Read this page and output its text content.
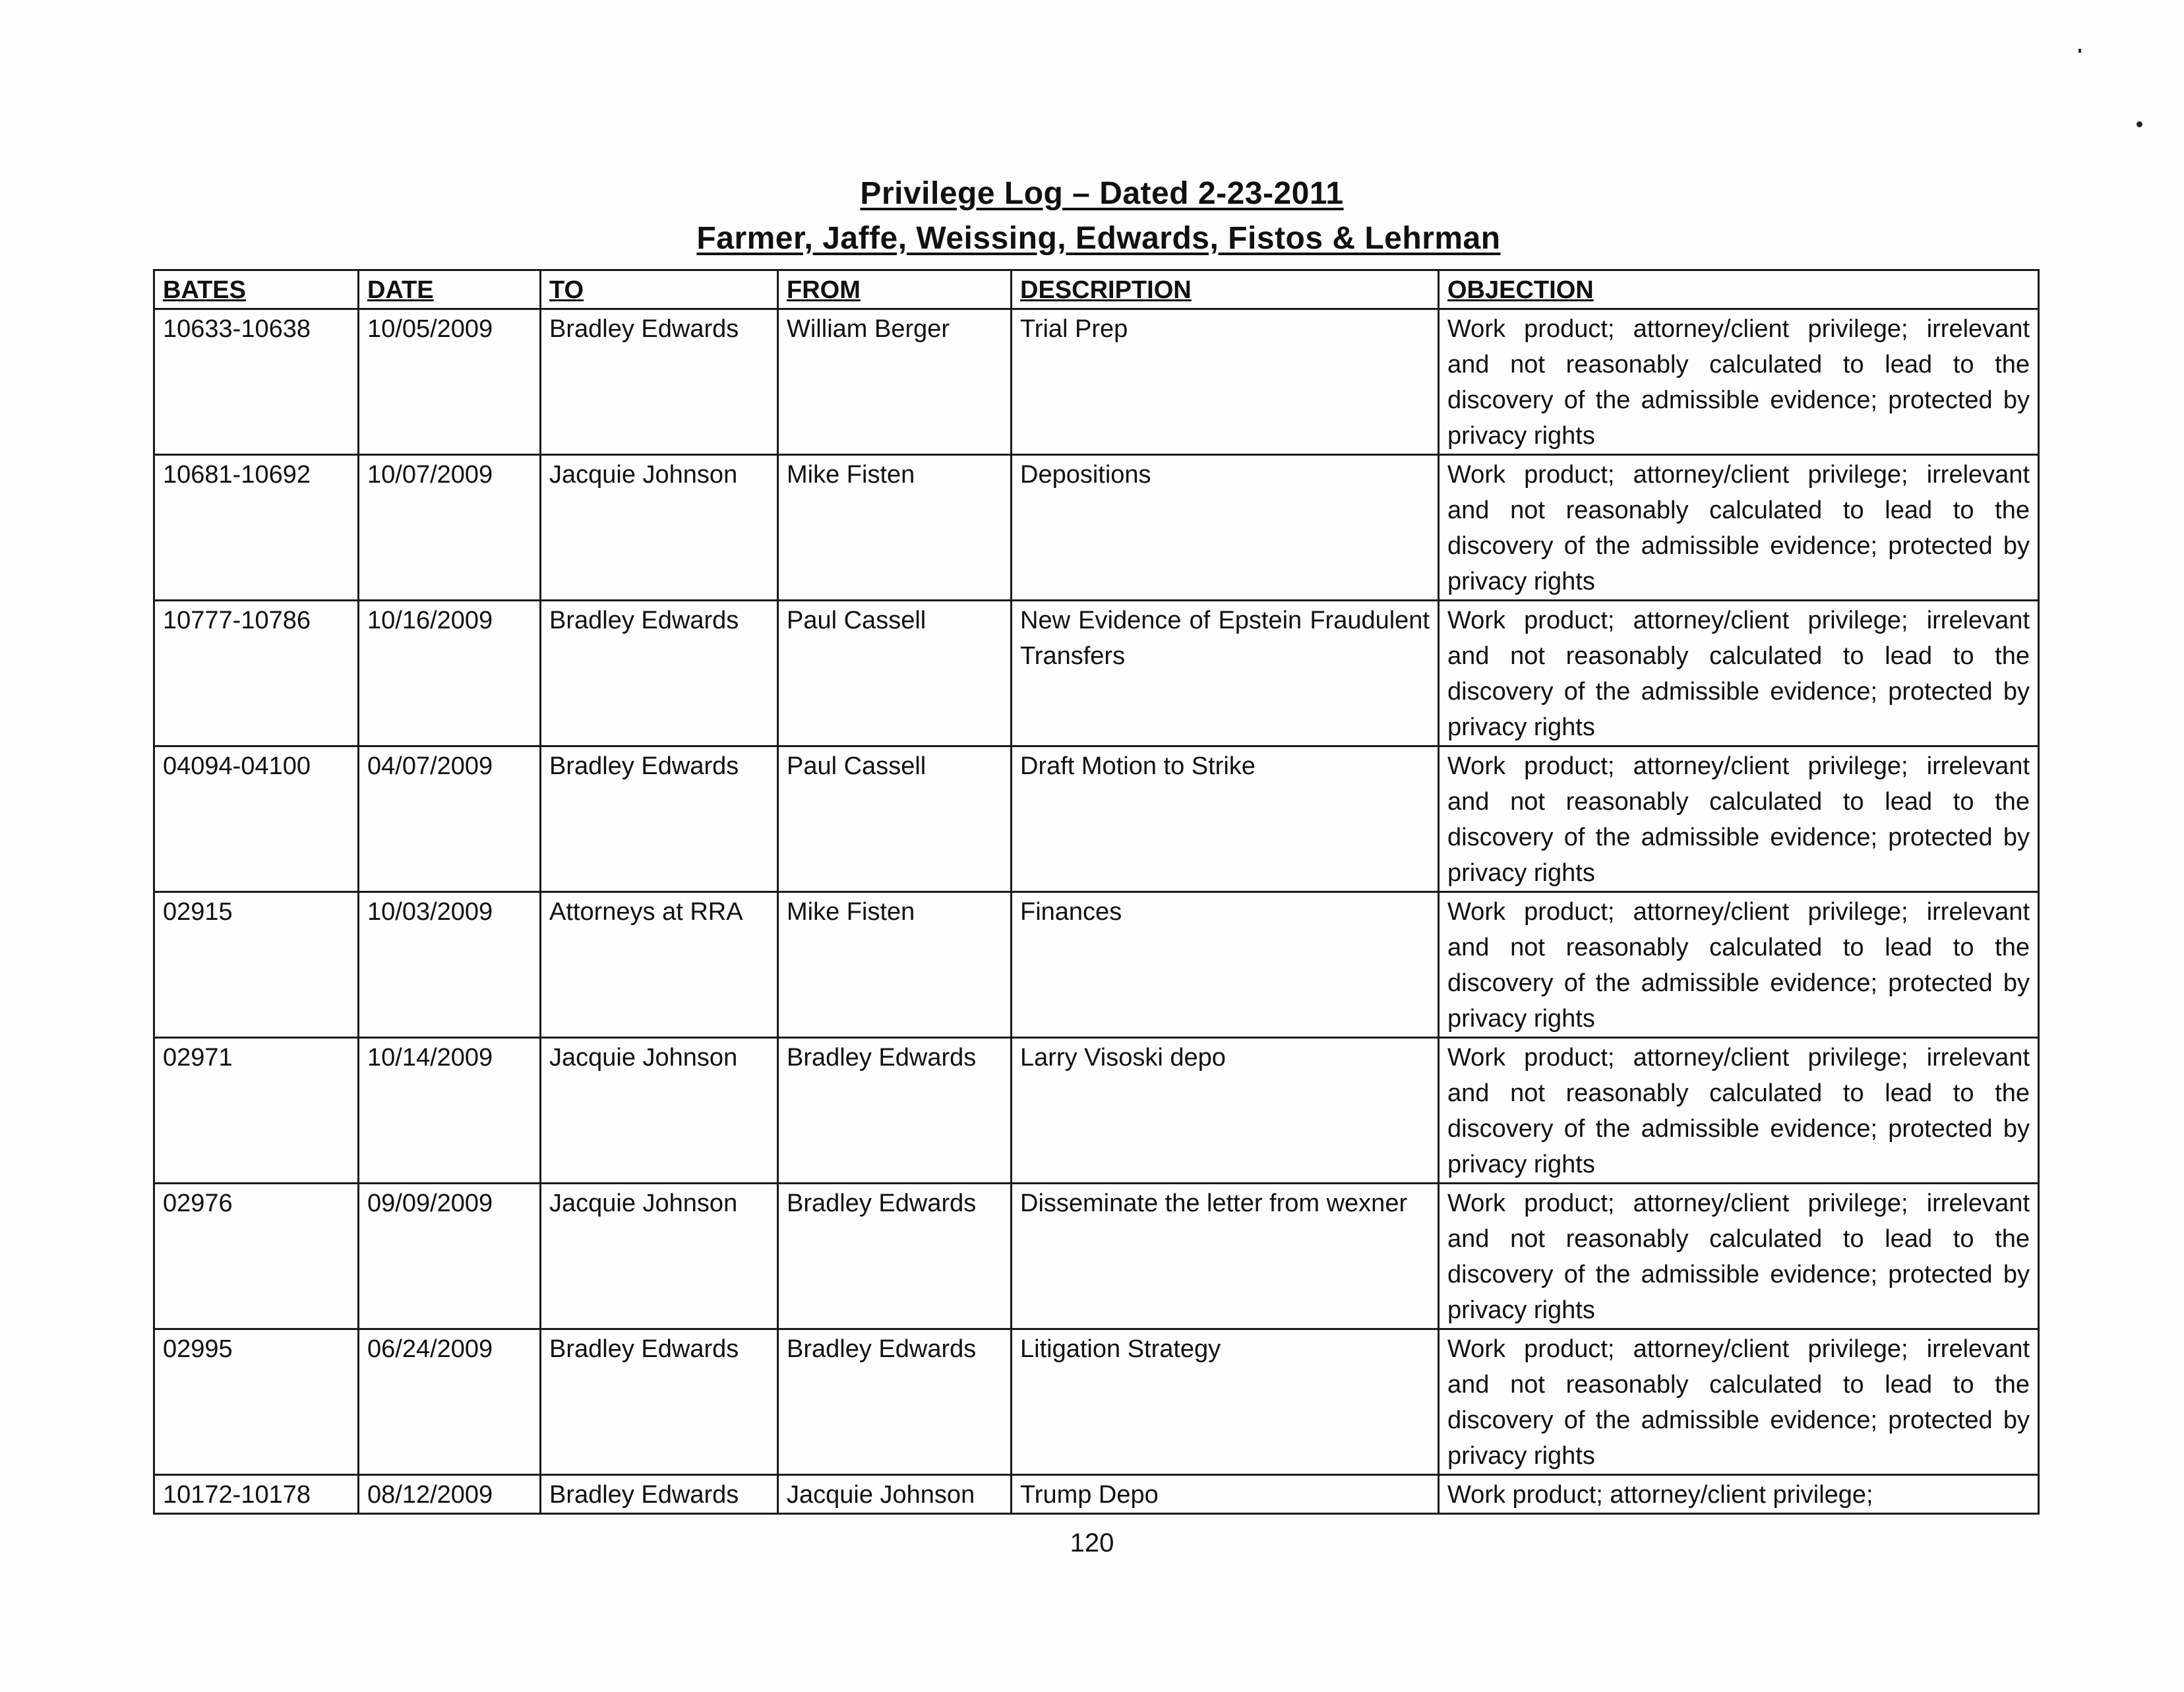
Privilege Log – Dated 2-23-2011
Farmer, Jaffe, Weissing, Edwards, Fistos & Lehrman
BATES	DATE	TO	FROM	DESCRIPTION	OBJECTION
10633-10638	10/05/2009	Bradley Edwards	William Berger	Trial Prep	Work product; attorney/client privilege; irrelevant and not reasonably calculated to lead to the discovery of the admissible evidence; protected by privacy rights
10681-10692	10/07/2009	Jacquie Johnson	Mike Fisten	Depositions	Work product; attorney/client privilege; irrelevant and not reasonably calculated to lead to the discovery of the admissible evidence; protected by privacy rights
10777-10786	10/16/2009	Bradley Edwards	Paul Cassell	New Evidence of Epstein Fraudulent Transfers	Work product; attorney/client privilege; irrelevant and not reasonably calculated to lead to the discovery of the admissible evidence; protected by privacy rights
04094-04100	04/07/2009	Bradley Edwards	Paul Cassell	Draft Motion to Strike	Work product; attorney/client privilege; irrelevant and not reasonably calculated to lead to the discovery of the admissible evidence; protected by privacy rights
02915	10/03/2009	Attorneys at RRA	Mike Fisten	Finances	Work product; attorney/client privilege; irrelevant and not reasonably calculated to lead to the discovery of the admissible evidence; protected by privacy rights
02971	10/14/2009	Jacquie Johnson	Bradley Edwards	Larry Visoski depo	Work product; attorney/client privilege; irrelevant and not reasonably calculated to lead to the discovery of the admissible evidence; protected by privacy rights
02976	09/09/2009	Jacquie Johnson	Bradley Edwards	Disseminate the letter from wexner	Work product; attorney/client privilege; irrelevant and not reasonably calculated to lead to the discovery of the admissible evidence; protected by privacy rights
02995	06/24/2009	Bradley Edwards	Bradley Edwards	Litigation Strategy	Work product; attorney/client privilege; irrelevant and not reasonably calculated to lead to the discovery of the admissible evidence; protected by privacy rights
10172-10178	08/12/2009	Bradley Edwards	Jacquie Johnson	Trump Depo	Work product; attorney/client privilege;
120
